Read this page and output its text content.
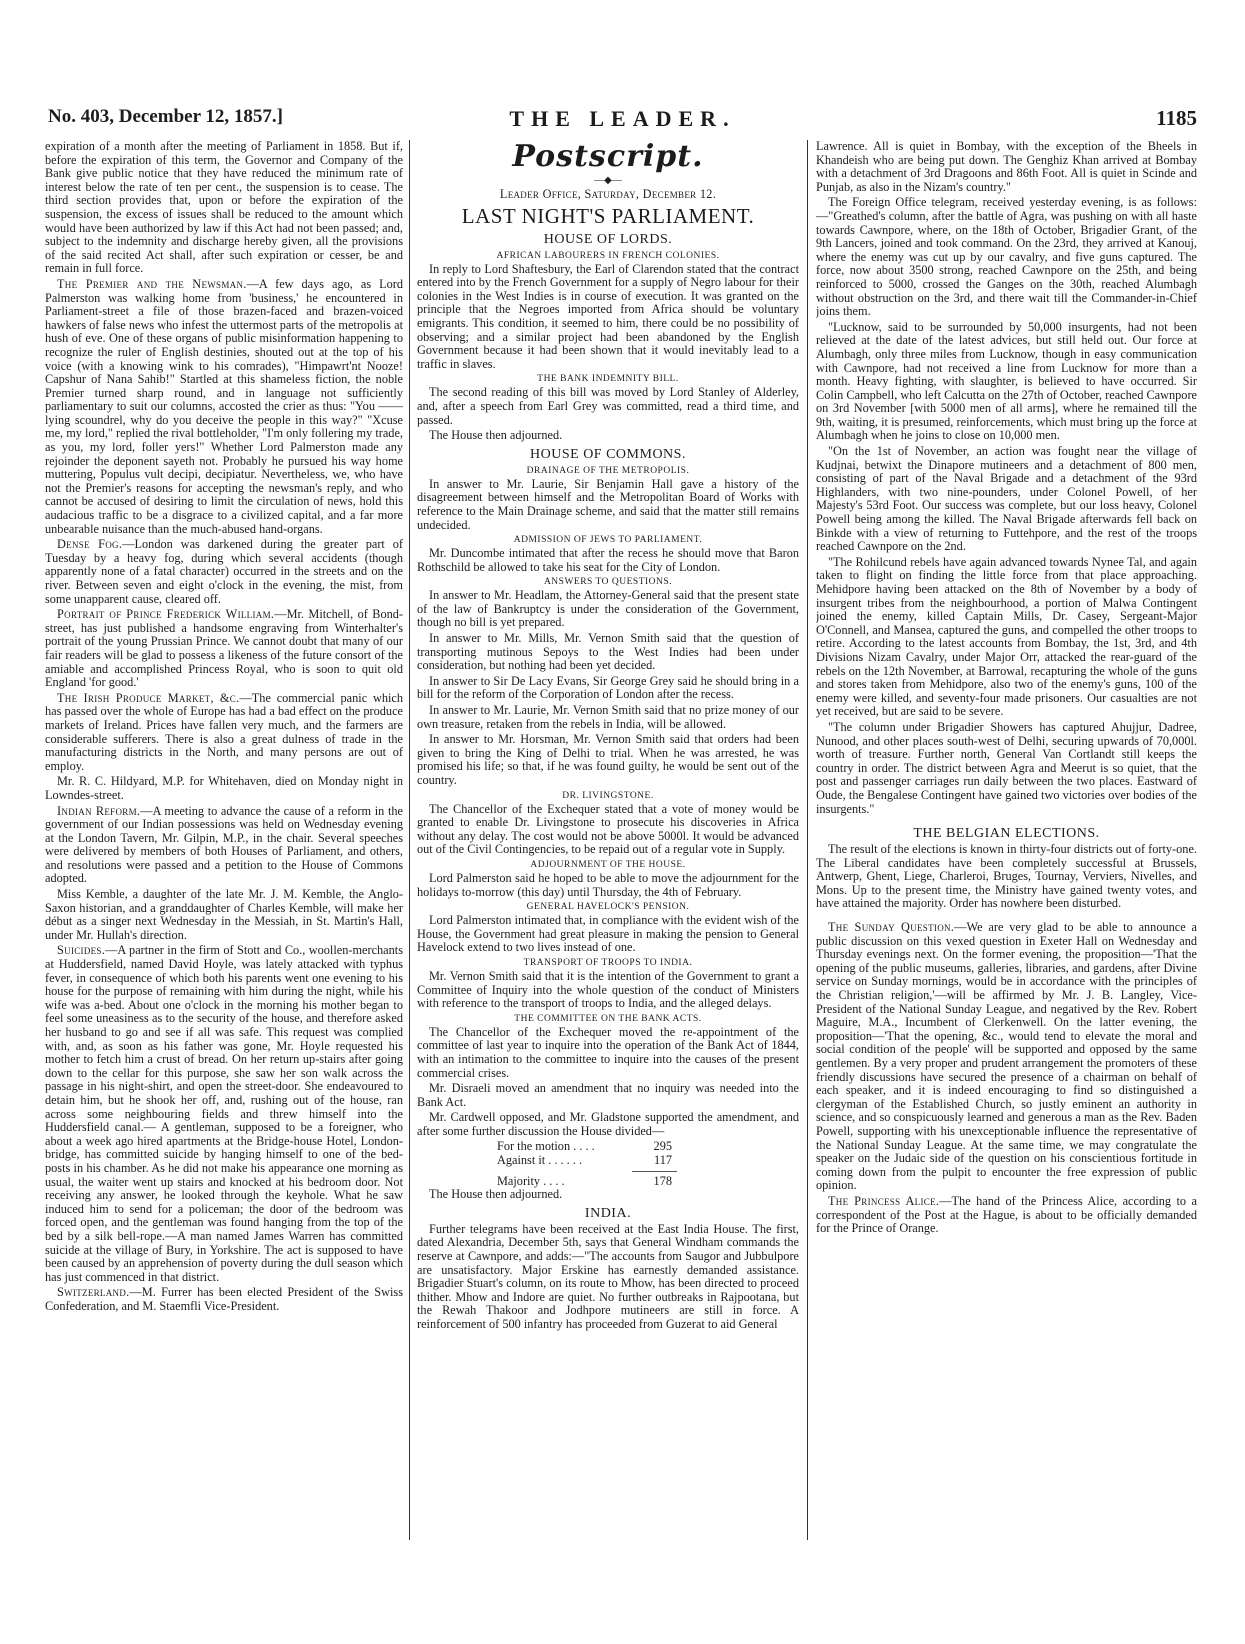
No. 403, December 12, 1857.]	THE LEADER.	1185

expiration of a month after the meeting of Parliament in 1858. But if, before the expiration of this term, the Governor and Company of the Bank give public notice that they have reduced the minimum rate of interest below the rate of ten per cent., the suspension is to cease. The third section provides that, upon or before the expiration of the suspension, the excess of issues shall be reduced to the amount which would have been authorized by law if this Act had not been passed; and, subject to the indemnity and discharge hereby given, all the provisions of the said recited Act shall, after such expiration or cesser, be and remain in full force.

The Premier and the Newsman.—A few days ago, as Lord Palmerston was walking home from 'business,' he encountered in Parliament-street a file of those brazen-faced and brazen-voiced hawkers of false news who infest the uttermost parts of the metropolis at hush of eve. One of these organs of public misinformation happening to recognize the ruler of English destinies, shouted out at the top of his voice (with a knowing wink to his comrades), "Himpawrt'nt Nooze! Capshur of Nana Sahib!" Startled at this shameless fiction, the noble Premier turned sharp round, and in language not sufficiently parliamentary to suit our columns, accosted the crier as thus: "You —— lying scoundrel, why do you deceive the people in this way?" "Xcuse me, my lord," replied the rival bottleholder, "I'm only follering my trade, as you, my lord, foller yers!" Whether Lord Palmerston made any rejoinder the deponent sayeth not. Probably he pursued his way home muttering, Populus vult decipi, decipiatur. Nevertheless, we, who have not the Premier's reasons for accepting the newsman's reply, and who cannot be accused of desiring to limit the circulation of news, hold this audacious traffic to be a disgrace to a civilized capital, and a far more unbearable nuisance than the much-abused hand-organs.

Dense Fog.—London was darkened during the greater part of Tuesday by a heavy fog, during which several accidents (though apparently none of a fatal character) occurred in the streets and on the river. Between seven and eight o'clock in the evening, the mist, from some unapparent cause, cleared off.

Portrait of Prince Frederick William.—Mr. Mitchell, of Bond-street, has just published a handsome engraving from Winterhalter's portrait of the young Prussian Prince. We cannot doubt that many of our fair readers will be glad to possess a likeness of the future consort of the amiable and accomplished Princess Royal, who is soon to quit old England 'for good.'

The Irish Produce Market, &c.—The commercial panic which has passed over the whole of Europe has had a bad effect on the produce markets of Ireland. Prices have fallen very much, and the farmers are considerable sufferers. There is also a great dulness of trade in the manufacturing districts in the North, and many persons are out of employ.

Mr. R. C. Hildyard, M.P. for Whitehaven, died on Monday night in Lowndes-street.

Indian Reform.—A meeting to advance the cause of a reform in the government of our Indian possessions was held on Wednesday evening at the London Tavern, Mr. Gilpin, M.P., in the chair. Several speeches were delivered by members of both Houses of Parliament, and others, and resolutions were passed and a petition to the House of Commons adopted.

Miss Kemble, a daughter of the late Mr. J. M. Kemble, the Anglo-Saxon historian, and a granddaughter of Charles Kemble, will make her début as a singer next Wednesday in the Messiah, in St. Martin's Hall, under Mr. Hullah's direction.

Suicides.—A partner in the firm of Stott and Co., woollen-merchants at Huddersfield, named David Hoyle, was lately attacked with typhus fever, in consequence of which both his parents went one evening to his house for the purpose of remaining with him during the night, while his wife was a-bed. About one o'clock in the morning his mother began to feel some uneasiness as to the security of the house, and therefore asked her husband to go and see if all was safe. This request was complied with, and, as soon as his father was gone, Mr. Hoyle requested his mother to fetch him a crust of bread. On her return up-stairs after going down to the cellar for this purpose, she saw her son walk across the passage in his night-shirt, and open the street-door. She endeavoured to detain him, but he shook her off, and, rushing out of the house, ran across some neighbouring fields and threw himself into the Huddersfield canal.— A gentleman, supposed to be a foreigner, who about a week ago hired apartments at the Bridge-house Hotel, London-bridge, has committed suicide by hanging himself to one of the bed-posts in his chamber. As he did not make his appearance one morning as usual, the waiter went up stairs and knocked at his bedroom door. Not receiving any answer, he looked through the keyhole. What he saw induced him to send for a policeman; the door of the bedroom was forced open, and the gentleman was found hanging from the top of the bed by a silk bell-rope.—A man named James Warren has committed suicide at the village of Bury, in Yorkshire. The act is supposed to have been caused by an apprehension of poverty during the dull season which has just commenced in that district.

Switzerland.—M. Furrer has been elected President of the Swiss Confederation, and M. Staemfli Vice-President.

Postscript.
—◆—
Leader Office, Saturday, December 12.
LAST NIGHT'S PARLIAMENT.
HOUSE OF LORDS.
AFRICAN LABOURERS IN FRENCH COLONIES.

In reply to Lord Shaftesbury, the Earl of Clarendon stated that the contract entered into by the French Government for a supply of Negro labour for their colonies in the West Indies is in course of execution. It was granted on the principle that the Negroes imported from Africa should be voluntary emigrants. This condition, it seemed to him, there could be no possibility of observing; and a similar project had been abandoned by the English Government because it had been shown that it would inevitably lead to a traffic in slaves.

THE BANK INDEMNITY BILL.

The second reading of this bill was moved by Lord Stanley of Alderley, and, after a speech from Earl Grey was committed, read a third time, and passed.

The House then adjourned.

HOUSE OF COMMONS.
DRAINAGE OF THE METROPOLIS.

In answer to Mr. Laurie, Sir Benjamin Hall gave a history of the disagreement between himself and the Metropolitan Board of Works with reference to the Main Drainage scheme, and said that the matter still remains undecided.

ADMISSION OF JEWS TO PARLIAMENT.

Mr. Duncombe intimated that after the recess he should move that Baron Rothschild be allowed to take his seat for the City of London.

ANSWERS TO QUESTIONS.

In answer to Mr. Headlam, the Attorney-General said that the present state of the law of Bankruptcy is under the consideration of the Government, though no bill is yet prepared.

In answer to Mr. Mills, Mr. Vernon Smith said that the question of transporting mutinous Sepoys to the West Indies had been under consideration, but nothing had been yet decided.

In answer to Sir De Lacy Evans, Sir George Grey said he should bring in a bill for the reform of the Corporation of London after the recess.

In answer to Mr. Laurie, Mr. Vernon Smith said that no prize money of our own treasure, retaken from the rebels in India, will be allowed.

In answer to Mr. Horsman, Mr. Vernon Smith said that orders had been given to bring the King of Delhi to trial. When he was arrested, he was promised his life; so that, if he was found guilty, he would be sent out of the country.

DR. LIVINGSTONE.

The Chancellor of the Exchequer stated that a vote of money would be granted to enable Dr. Livingstone to prosecute his discoveries in Africa without any delay. The cost would not be above 5000l. It would be advanced out of the Civil Contingencies, to be repaid out of a regular vote in Supply.

ADJOURNMENT OF THE HOUSE.

Lord Palmerston said he hoped to be able to move the adjournment for the holidays to-morrow (this day) until Thursday, the 4th of February.

GENERAL HAVELOCK'S PENSION.

Lord Palmerston intimated that, in compliance with the evident wish of the House, the Government had great pleasure in making the pension to General Havelock extend to two lives instead of one.

TRANSPORT OF TROOPS TO INDIA.

Mr. Vernon Smith said that it is the intention of the Government to grant a Committee of Inquiry into the whole question of the conduct of Ministers with reference to the transport of troops to India, and the alleged delays.

THE COMMITTEE ON THE BANK ACTS.

The Chancellor of the Exchequer moved the re-appointment of the committee of last year to inquire into the operation of the Bank Act of 1844, with an intimation to the committee to inquire into the causes of the present commercial crises.

Mr. Disraeli moved an amendment that no inquiry was needed into the Bank Act.

Mr. Cardwell opposed, and Mr. Gladstone supported the amendment, and after some further discussion the House divided—

For the motion . . . .	295
Against it . . . . . .	117
Majority . . . .	178

The House then adjourned.

INDIA.

Further telegrams have been received at the East India House. The first, dated Alexandria, December 5th, says that General Windham commands the reserve at Cawnpore, and adds:—"The accounts from Saugor and Jubbulpore are unsatisfactory. Major Erskine has earnestly demanded assistance. Brigadier Stuart's column, on its route to Mhow, has been directed to proceed thither. Mhow and Indore are quiet. No further outbreaks in Rajpootana, but the Rewah Thakoor and Jodhpore mutineers are still in force. A reinforcement of 500 infantry has proceeded from Guzerat to aid General

Lawrence. All is quiet in Bombay, with the exception of the Bheels in Khandeish who are being put down. The Genghiz Khan arrived at Bombay with a detachment of 3rd Dragoons and 86th Foot. All is quiet in Scinde and Punjab, as also in the Nizam's country."

The Foreign Office telegram, received yesterday evening, is as follows:—"Greathed's column, after the battle of Agra, was pushing on with all haste towards Cawnpore, where, on the 18th of October, Brigadier Grant, of the 9th Lancers, joined and took command. On the 23rd, they arrived at Kanouj, where the enemy was cut up by our cavalry, and five guns captured. The force, now about 3500 strong, reached Cawnpore on the 25th, and being reinforced to 5000, crossed the Ganges on the 30th, reached Alumbagh without obstruction on the 3rd, and there wait till the Commander-in-Chief joins them.

"Lucknow, said to be surrounded by 50,000 insurgents, had not been relieved at the date of the latest advices, but still held out. Our force at Alumbagh, only three miles from Lucknow, though in easy communication with Cawnpore, had not received a line from Lucknow for more than a month. Heavy fighting, with slaughter, is believed to have occurred. Sir Colin Campbell, who left Calcutta on the 27th of October, reached Cawnpore on 3rd November [with 5000 men of all arms], where he remained till the 9th, waiting, it is presumed, reinforcements, which must bring up the force at Alumbagh when he joins to close on 10,000 men.

"On the 1st of November, an action was fought near the village of Kudjnai, betwixt the Dinapore mutineers and a detachment of 800 men, consisting of part of the Naval Brigade and a detachment of the 93rd Highlanders, with two nine-pounders, under Colonel Powell, of her Majesty's 53rd Foot. Our success was complete, but our loss heavy, Colonel Powell being among the killed. The Naval Brigade afterwards fell back on Binkde with a view of returning to Futtehpore, and the rest of the troops reached Cawnpore on the 2nd.

"The Rohilcund rebels have again advanced towards Nynee Tal, and again taken to flight on finding the little force from that place approaching. Mehidpore having been attacked on the 8th of November by a body of insurgent tribes from the neighbourhood, a portion of Malwa Contingent joined the enemy, killed Captain Mills, Dr. Casey, Sergeant-Major O'Connell, and Mansea, captured the guns, and compelled the other troops to retire. According to the latest accounts from Bombay, the 1st, 3rd, and 4th Divisions Nizam Cavalry, under Major Orr, attacked the rear-guard of the rebels on the 12th November, at Barrowal, recapturing the whole of the guns and stores taken from Mehidpore, also two of the enemy's guns, 100 of the enemy were killed, and seventy-four made prisoners. Our casualties are not yet received, but are said to be severe.

"The column under Brigadier Showers has captured Ahujjur, Dadree, Nunood, and other places south-west of Delhi, securing upwards of 70,000l. worth of treasure. Further north, General Van Cortlandt still keeps the country in order. The district between Agra and Meerut is so quiet, that the post and passenger carriages run daily between the two places. Eastward of Oude, the Bengalese Contingent have gained two victories over bodies of the insurgents."

THE BELGIAN ELECTIONS.

The result of the elections is known in thirty-four districts out of forty-one. The Liberal candidates have been completely successful at Brussels, Antwerp, Ghent, Liege, Charleroi, Bruges, Tournay, Verviers, Nivelles, and Mons. Up to the present time, the Ministry have gained twenty votes, and have attained the majority. Order has nowhere been disturbed.

The Sunday Question.—We are very glad to be able to announce a public discussion on this vexed question in Exeter Hall on Wednesday and Thursday evenings next. On the former evening, the proposition—'That the opening of the public museums, galleries, libraries, and gardens, after Divine service on Sunday mornings, would be in accordance with the principles of the Christian religion,'—will be affirmed by Mr. J. B. Langley, Vice-President of the National Sunday League, and negatived by the Rev. Robert Maguire, M.A., Incumbent of Clerkenwell. On the latter evening, the proposition—'That the opening, &c., would tend to elevate the moral and social condition of the people' will be supported and opposed by the same gentlemen. By a very proper and prudent arrangement the promoters of these friendly discussions have secured the presence of a chairman on behalf of each speaker, and it is indeed encouraging to find so distinguished a clergyman of the Established Church, so justly eminent an authority in science, and so conspicuously learned and generous a man as the Rev. Baden Powell, supporting with his unexceptionable influence the representative of the National Sunday League. At the same time, we may congratulate the speaker on the Judaic side of the question on his conscientious fortitude in coming down from the pulpit to encounter the free expression of public opinion.

The Princess Alice.—The hand of the Princess Alice, according to a correspondent of the Post at the Hague, is about to be officially demanded for the Prince of Orange.
